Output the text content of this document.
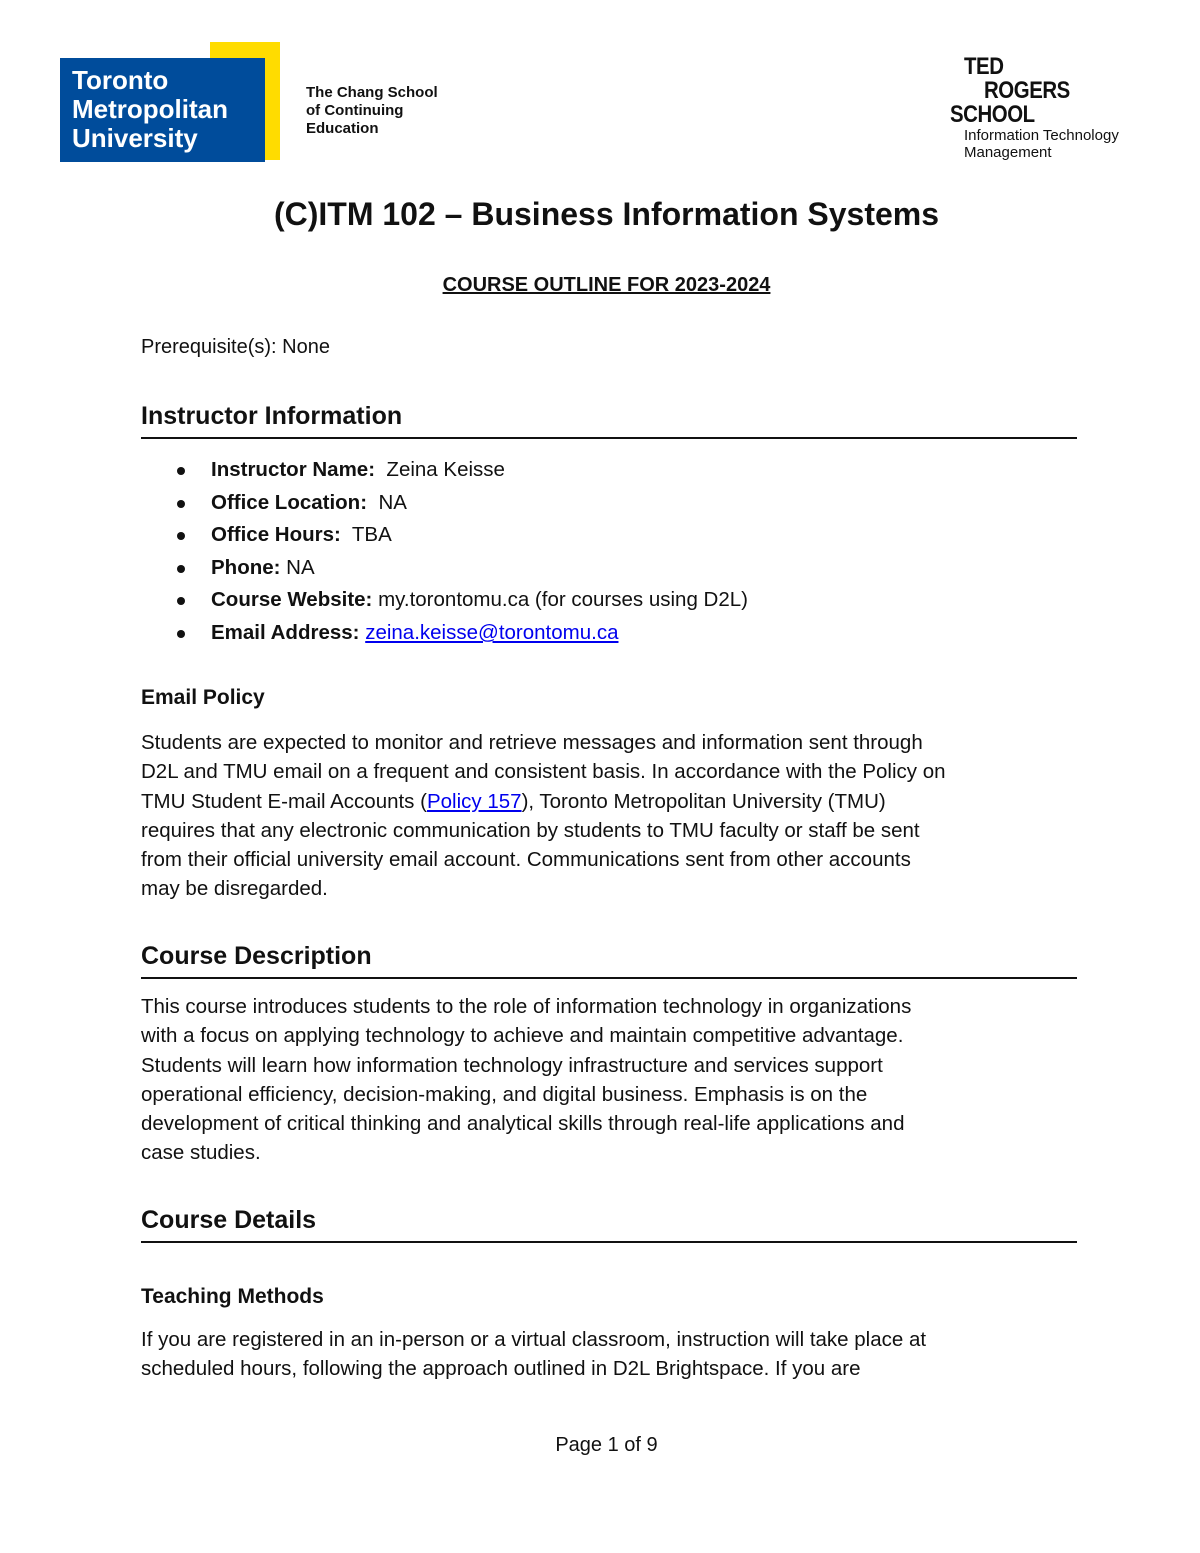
Toronto
Metropolitan
University
The Chang School
of Continuing
Education
TED
ROGERS
SCHOOL
Information Technology
Management
(C)ITM 102 – Business Information Systems
COURSE OUTLINE FOR 2023-2024
Prerequisite(s): None
Instructor Information
Instructor Name:  Zeina Keisse
Office Location:  NA
Office Hours:  TBA
Phone: NA
Course Website: my.torontomu.ca (for courses using D2L)
Email Address: zeina.keisse@torontomu.ca
Email Policy
Students are expected to monitor and retrieve messages and information sent through
D2L and TMU email on a frequent and consistent basis. In accordance with the Policy on
TMU Student E-mail Accounts (Policy 157), Toronto Metropolitan University (TMU)
requires that any electronic communication by students to TMU faculty or staff be sent
from their official university email account. Communications sent from other accounts
may be disregarded.
Course Description
This course introduces students to the role of information technology in organizations
with a focus on applying technology to achieve and maintain competitive advantage.
Students will learn how information technology infrastructure and services support
operational efficiency, decision-making, and digital business. Emphasis is on the
development of critical thinking and analytical skills through real-life applications and
case studies.
Course Details
Teaching Methods
If you are registered in an in-person or a virtual classroom, instruction will take place at
scheduled hours, following the approach outlined in D2L Brightspace. If you are
Page 1 of 9
